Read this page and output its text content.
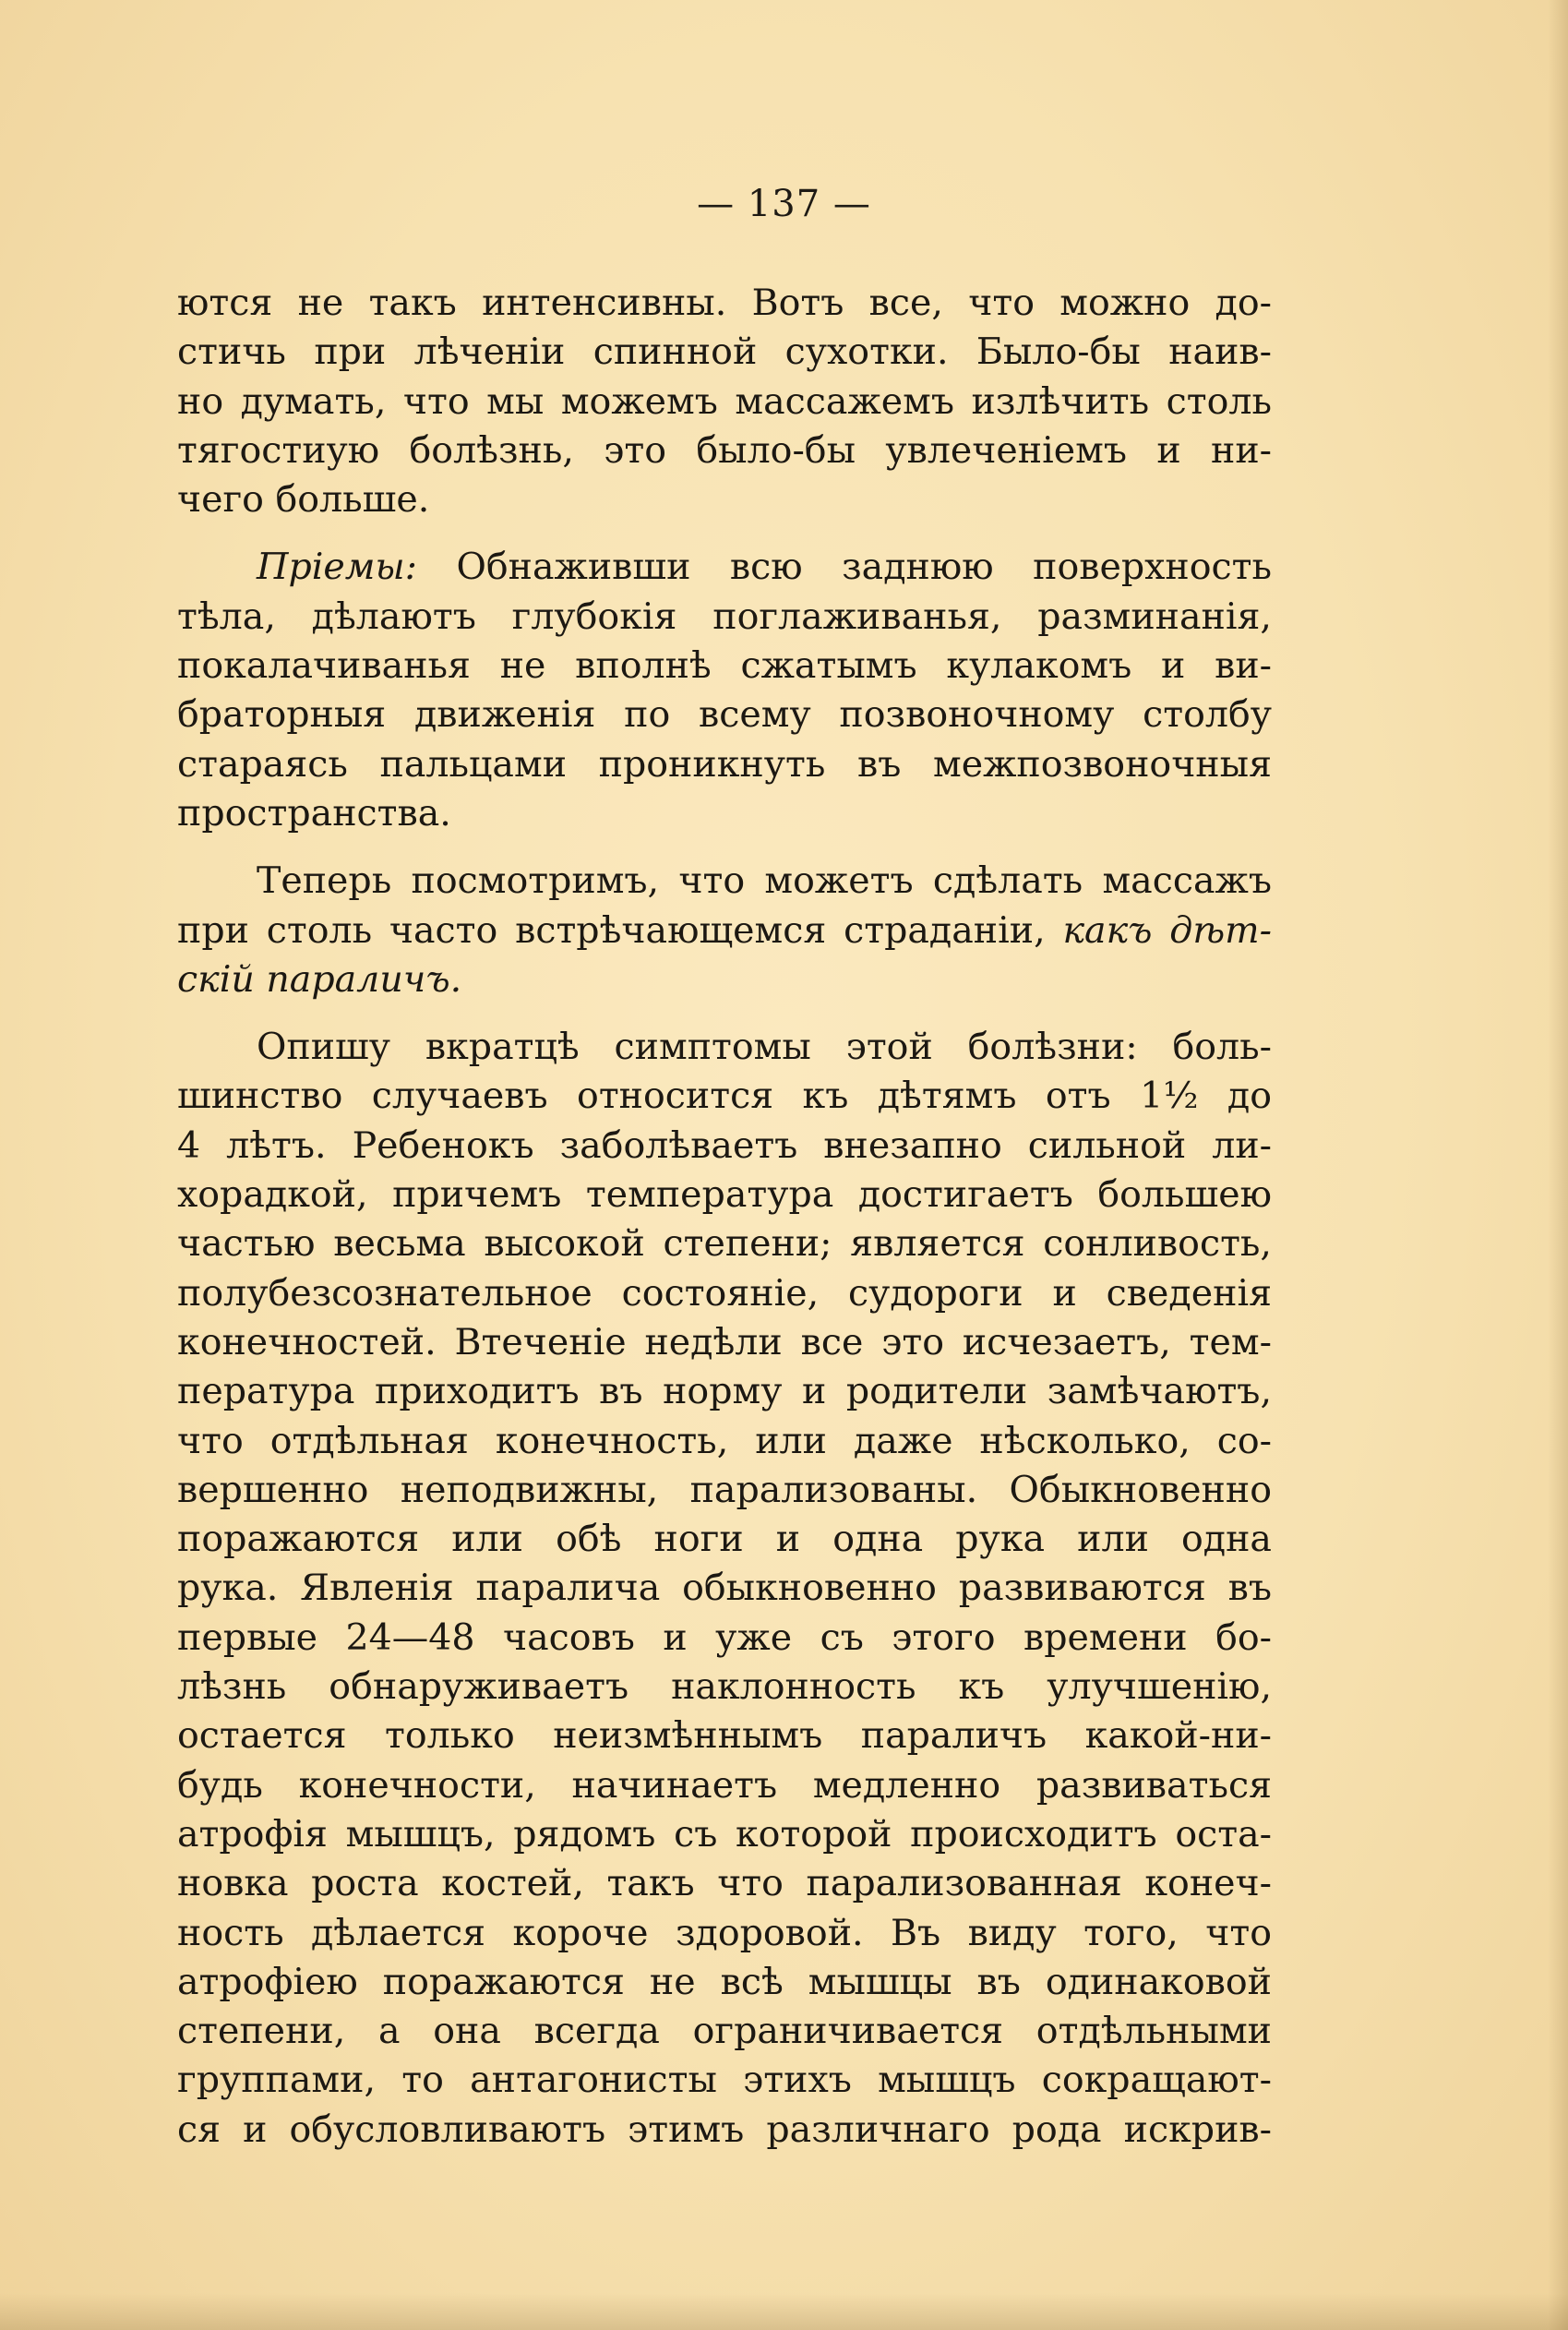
— 137 —
ются не такъ интенсивны. Вотъ все, что можно до-
стичь при лѣченiи спинной сухотки. Было-бы наив-
но думать, что мы можемъ массажемъ излѣчить столь
тягостиую болѣзнь, это было-бы увлеченiемъ и ни-
чего больше.
Прiемы: Обнаживши всю заднюю поверхность
тѣла, дѣлаютъ глубокiя поглаживанья, разминанiя,
покалачиванья не вполнѣ сжатымъ кулакомъ и ви-
браторныя движенiя по всему позвоночному столбу
стараясь пальцами проникнуть въ межпозвоночныя
пространства.
Теперь посмотримъ, что можетъ сдѣлать массажъ
при столь часто встрѣчающемся страданiи, какъ дѣт-
скiй параличъ.
Опишу вкратцѣ симптомы этой болѣзни: боль-
шинство случаевъ относится къ дѣтямъ отъ 1½ до
4 лѣтъ. Ребенокъ заболѣваетъ внезапно сильной ли-
хорадкой, причемъ температура достигаетъ большею
частью весьма высокой степени; является сонливость,
полубезсознательное состоянiе, судороги и сведенiя
конечностей. Втеченiе недѣли все это исчезаетъ, тем-
пература приходитъ въ норму и родители замѣчаютъ,
что отдѣльная конечность, или даже нѣсколько, со-
вершенно неподвижны, парализованы. Обыкновенно
поражаются или обѣ ноги и одна рука или одна
рука. Явленiя паралича обыкновенно развиваются въ
первые 24—48 часовъ и уже съ этого времени бо-
лѣзнь обнаруживаетъ наклонность къ улучшенiю,
остается только неизмѣннымъ параличъ какой-ни-
будь конечности, начинаетъ медленно развиваться
атрофiя мышцъ, рядомъ съ которой происходитъ оста-
новка роста костей, такъ что парализованная конеч-
ность дѣлается короче здоровой. Въ виду того, что
атрофiею поражаются не всѣ мышцы въ одинаковой
степени, а она всегда ограничивается отдѣльными
группами, то антагонисты этихъ мышцъ сокращают-
ся и обусловливаютъ этимъ различнаго рода искрив-
